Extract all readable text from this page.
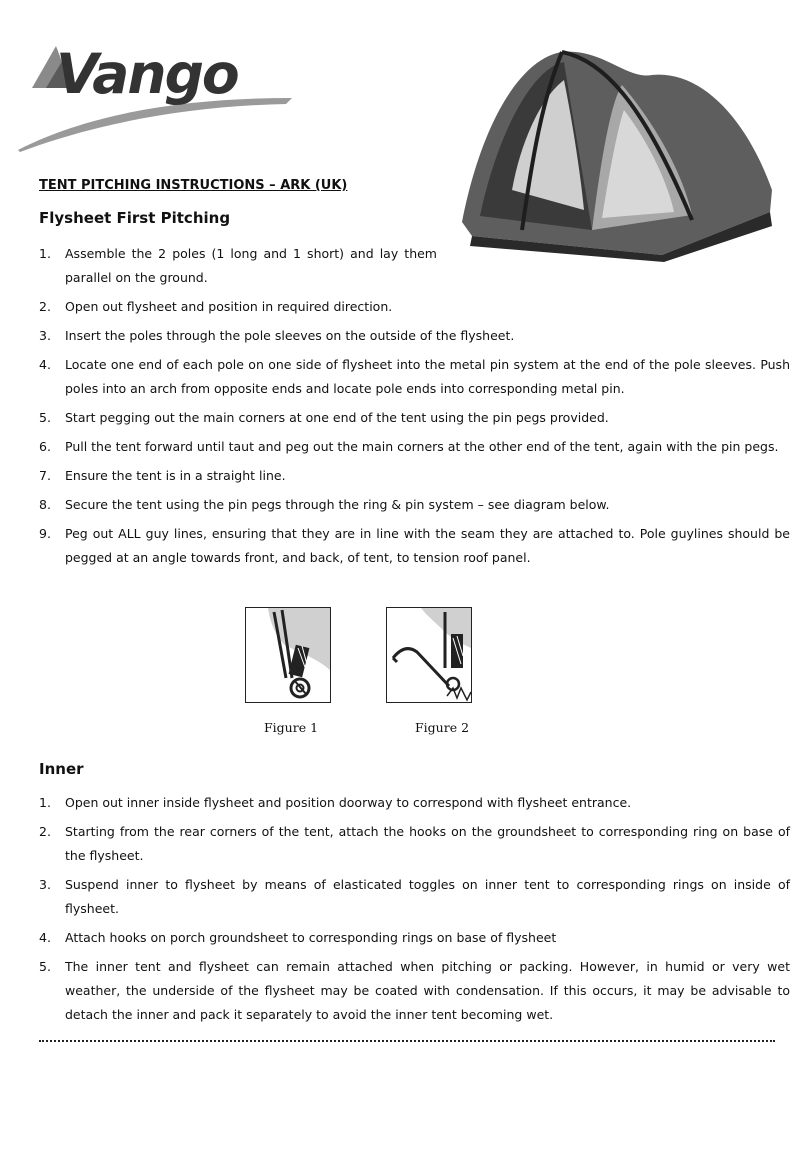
Vango
TENT PITCHING INSTRUCTIONS – ARK (UK)
Flysheet First Pitching
1. Assemble the 2 poles (1 long and 1 short) and lay them parallel on the ground.
2. Open out flysheet and position in required direction.
3. Insert the poles through the pole sleeves on the outside of the flysheet.
4. Locate one end of each pole on one side of flysheet into the metal pin system at the end of the pole sleeves. Push poles into an arch from opposite ends and locate pole ends into corresponding metal pin.
5. Start pegging out the main corners at one end of the tent using the pin pegs provided.
6. Pull the tent forward until taut and peg out the main corners at the other end of the tent, again with the pin pegs.
7. Ensure the tent is in a straight line.
8. Secure the tent using the pin pegs through the ring & pin system – see diagram below.
9. Peg out ALL guy lines, ensuring that they are in line with the seam they are attached to. Pole guylines should be pegged at an angle towards front, and back, of tent, to tension roof panel.

Figure 1	Figure 2

Inner
1. Open out inner inside flysheet and position doorway to correspond with flysheet entrance.
2. Starting from the rear corners of the tent, attach the hooks on the groundsheet to corresponding ring on base of the flysheet.
3. Suspend inner to flysheet by means of elasticated toggles on inner tent to corresponding rings on inside of flysheet.
4. Attach hooks on porch groundsheet to corresponding rings on base of flysheet
5. The inner tent and flysheet can remain attached when pitching or packing. However, in humid or very wet weather, the underside of the flysheet may be coated with condensation. If this occurs, it may be advisable to detach the inner and pack it separately to avoid the inner tent becoming wet.
